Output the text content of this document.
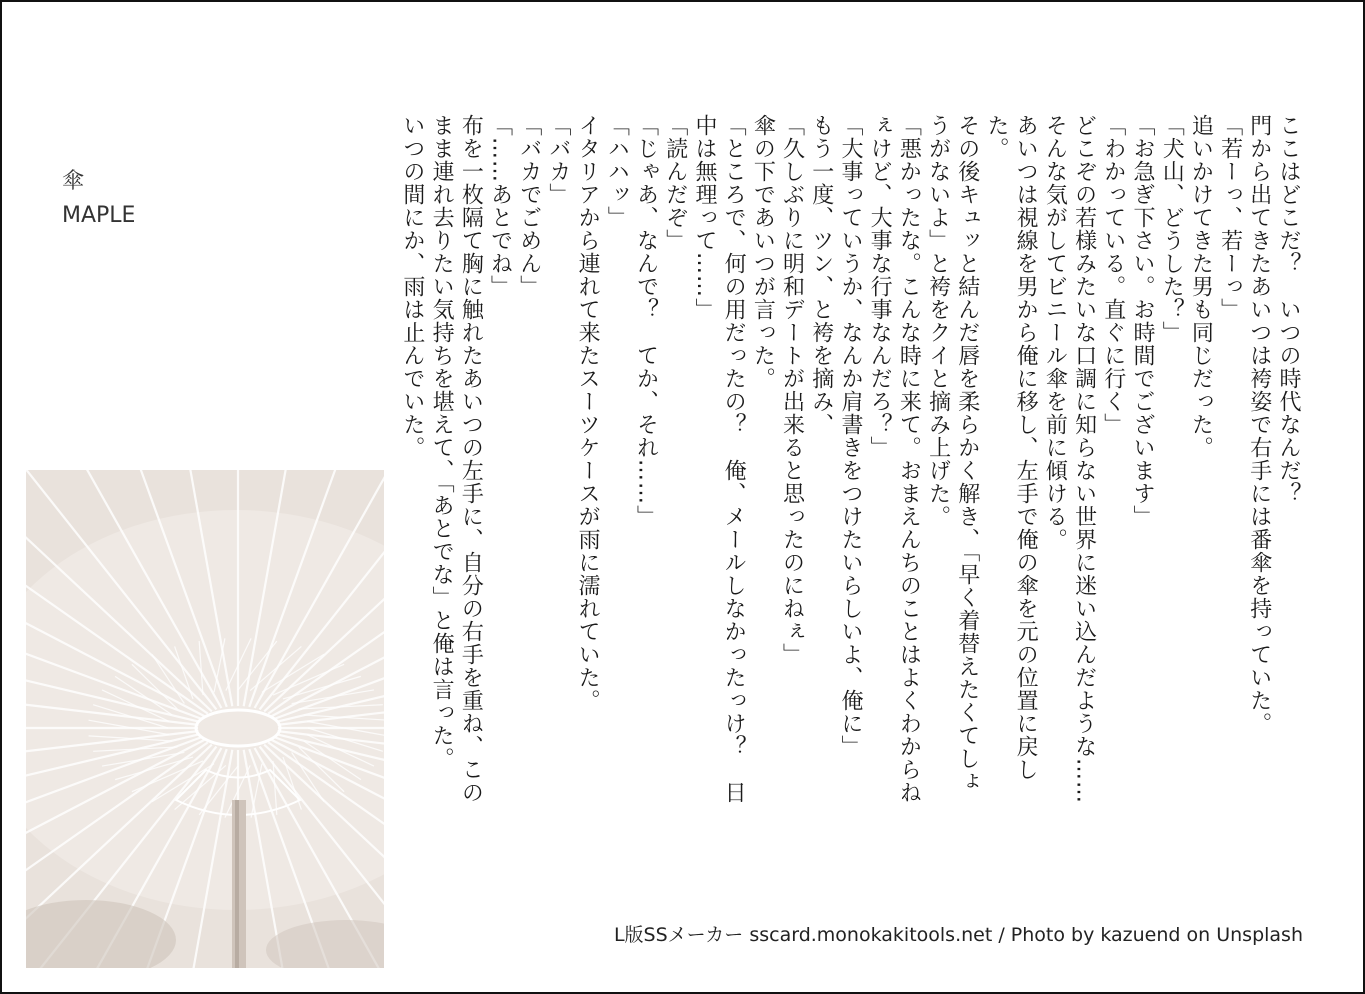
傘
MAPLE	ここはどこだ？　いつの時代なんだ？

門から出てきたあいつは袴姿で右手には番傘を持っていた。

「若ーっ、若ーっ」

追いかけてきた男も同じだった。

「犬山、どうした？」

「お急ぎ下さい。お時間でございます」

「わかっている。直ぐに行く」

どこぞの若様みたいな口調に知らない世界に迷い込んだような……そんな気がしてビニール傘を前に傾ける。

あいつは視線を男から俺に移し、左手で俺の傘を元の位置に戻した。

その後キュッと結んだ唇を柔らかく解き、「早く着替えたくてしょうがないよ」と袴をクイと摘み上げた。

「悪かったな。こんな時に来て。おまえんちのことはよくわからねぇけど、大事な行事なんだろ？」

「大事っていうか、なんか肩書きをつけたいらしいよ、俺に」

もう一度、ツン、と袴を摘み、

「久しぶりに明和デートが出来ると思ったのにねぇ」

傘の下であいつが言った。

「ところで、何の用だったの？　俺、メールしなかったっけ？　日中は無理って……」

「読んだぞ」

「じゃあ、なんで？　てか、それ……」

「ハハッ」

イタリアから連れて来たスーツケースが雨に濡れていた。

「バカ」

「バカでごめん」

「……あとでね」

布を一枚隔て胸に触れたあいつの左手に、自分の右手を重ね、このまま連れ去りたい気持ちを堪えて、「あとでな」と俺は言った。

いつの間にか、雨は止んでいた。

L版SSメーカー sscard.monokakitools.net / Photo by kazuend on Unsplash
